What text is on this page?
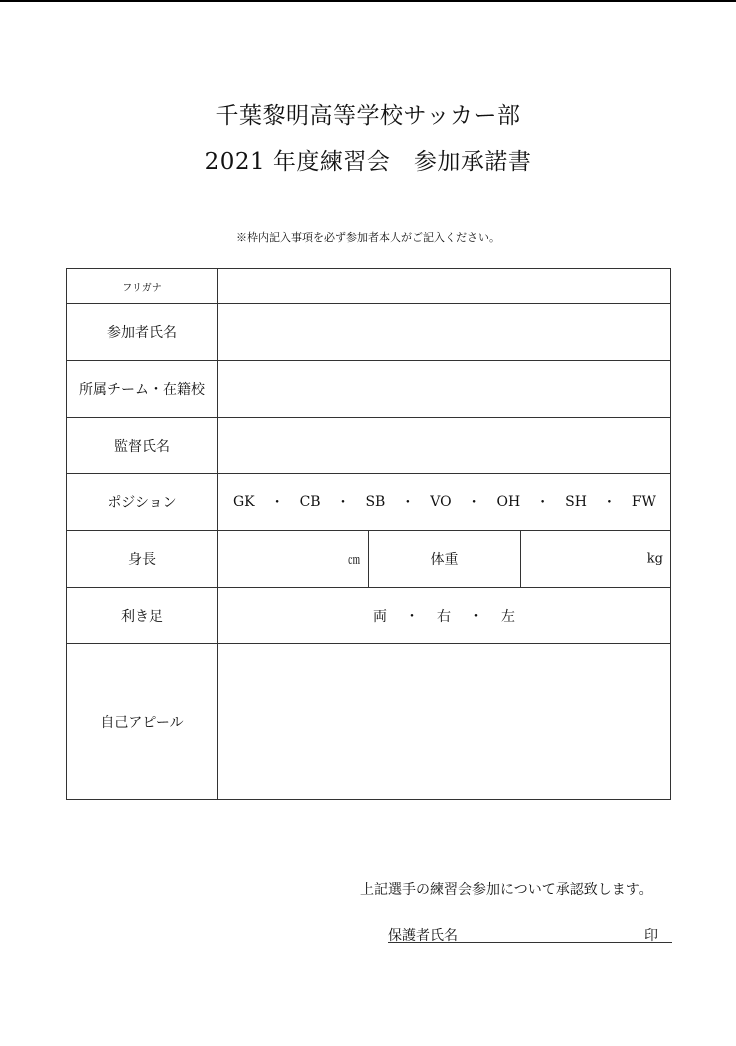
千葉黎明高等学校サッカー部
2021 年度練習会　参加承諾書
※枠内記入事項を必ず参加者本人がご記入ください。
フリガナ
参加者氏名
所属チーム・在籍校
監督氏名
ポジション	GK ・ CB ・ SB ・ VO ・ OH ・ SH ・ FW
身長	㎝	体重	kg
利き足	両 ・ 右 ・ 左
自己アピール
上記選手の練習会参加について承認致します。
保護者氏名	印
